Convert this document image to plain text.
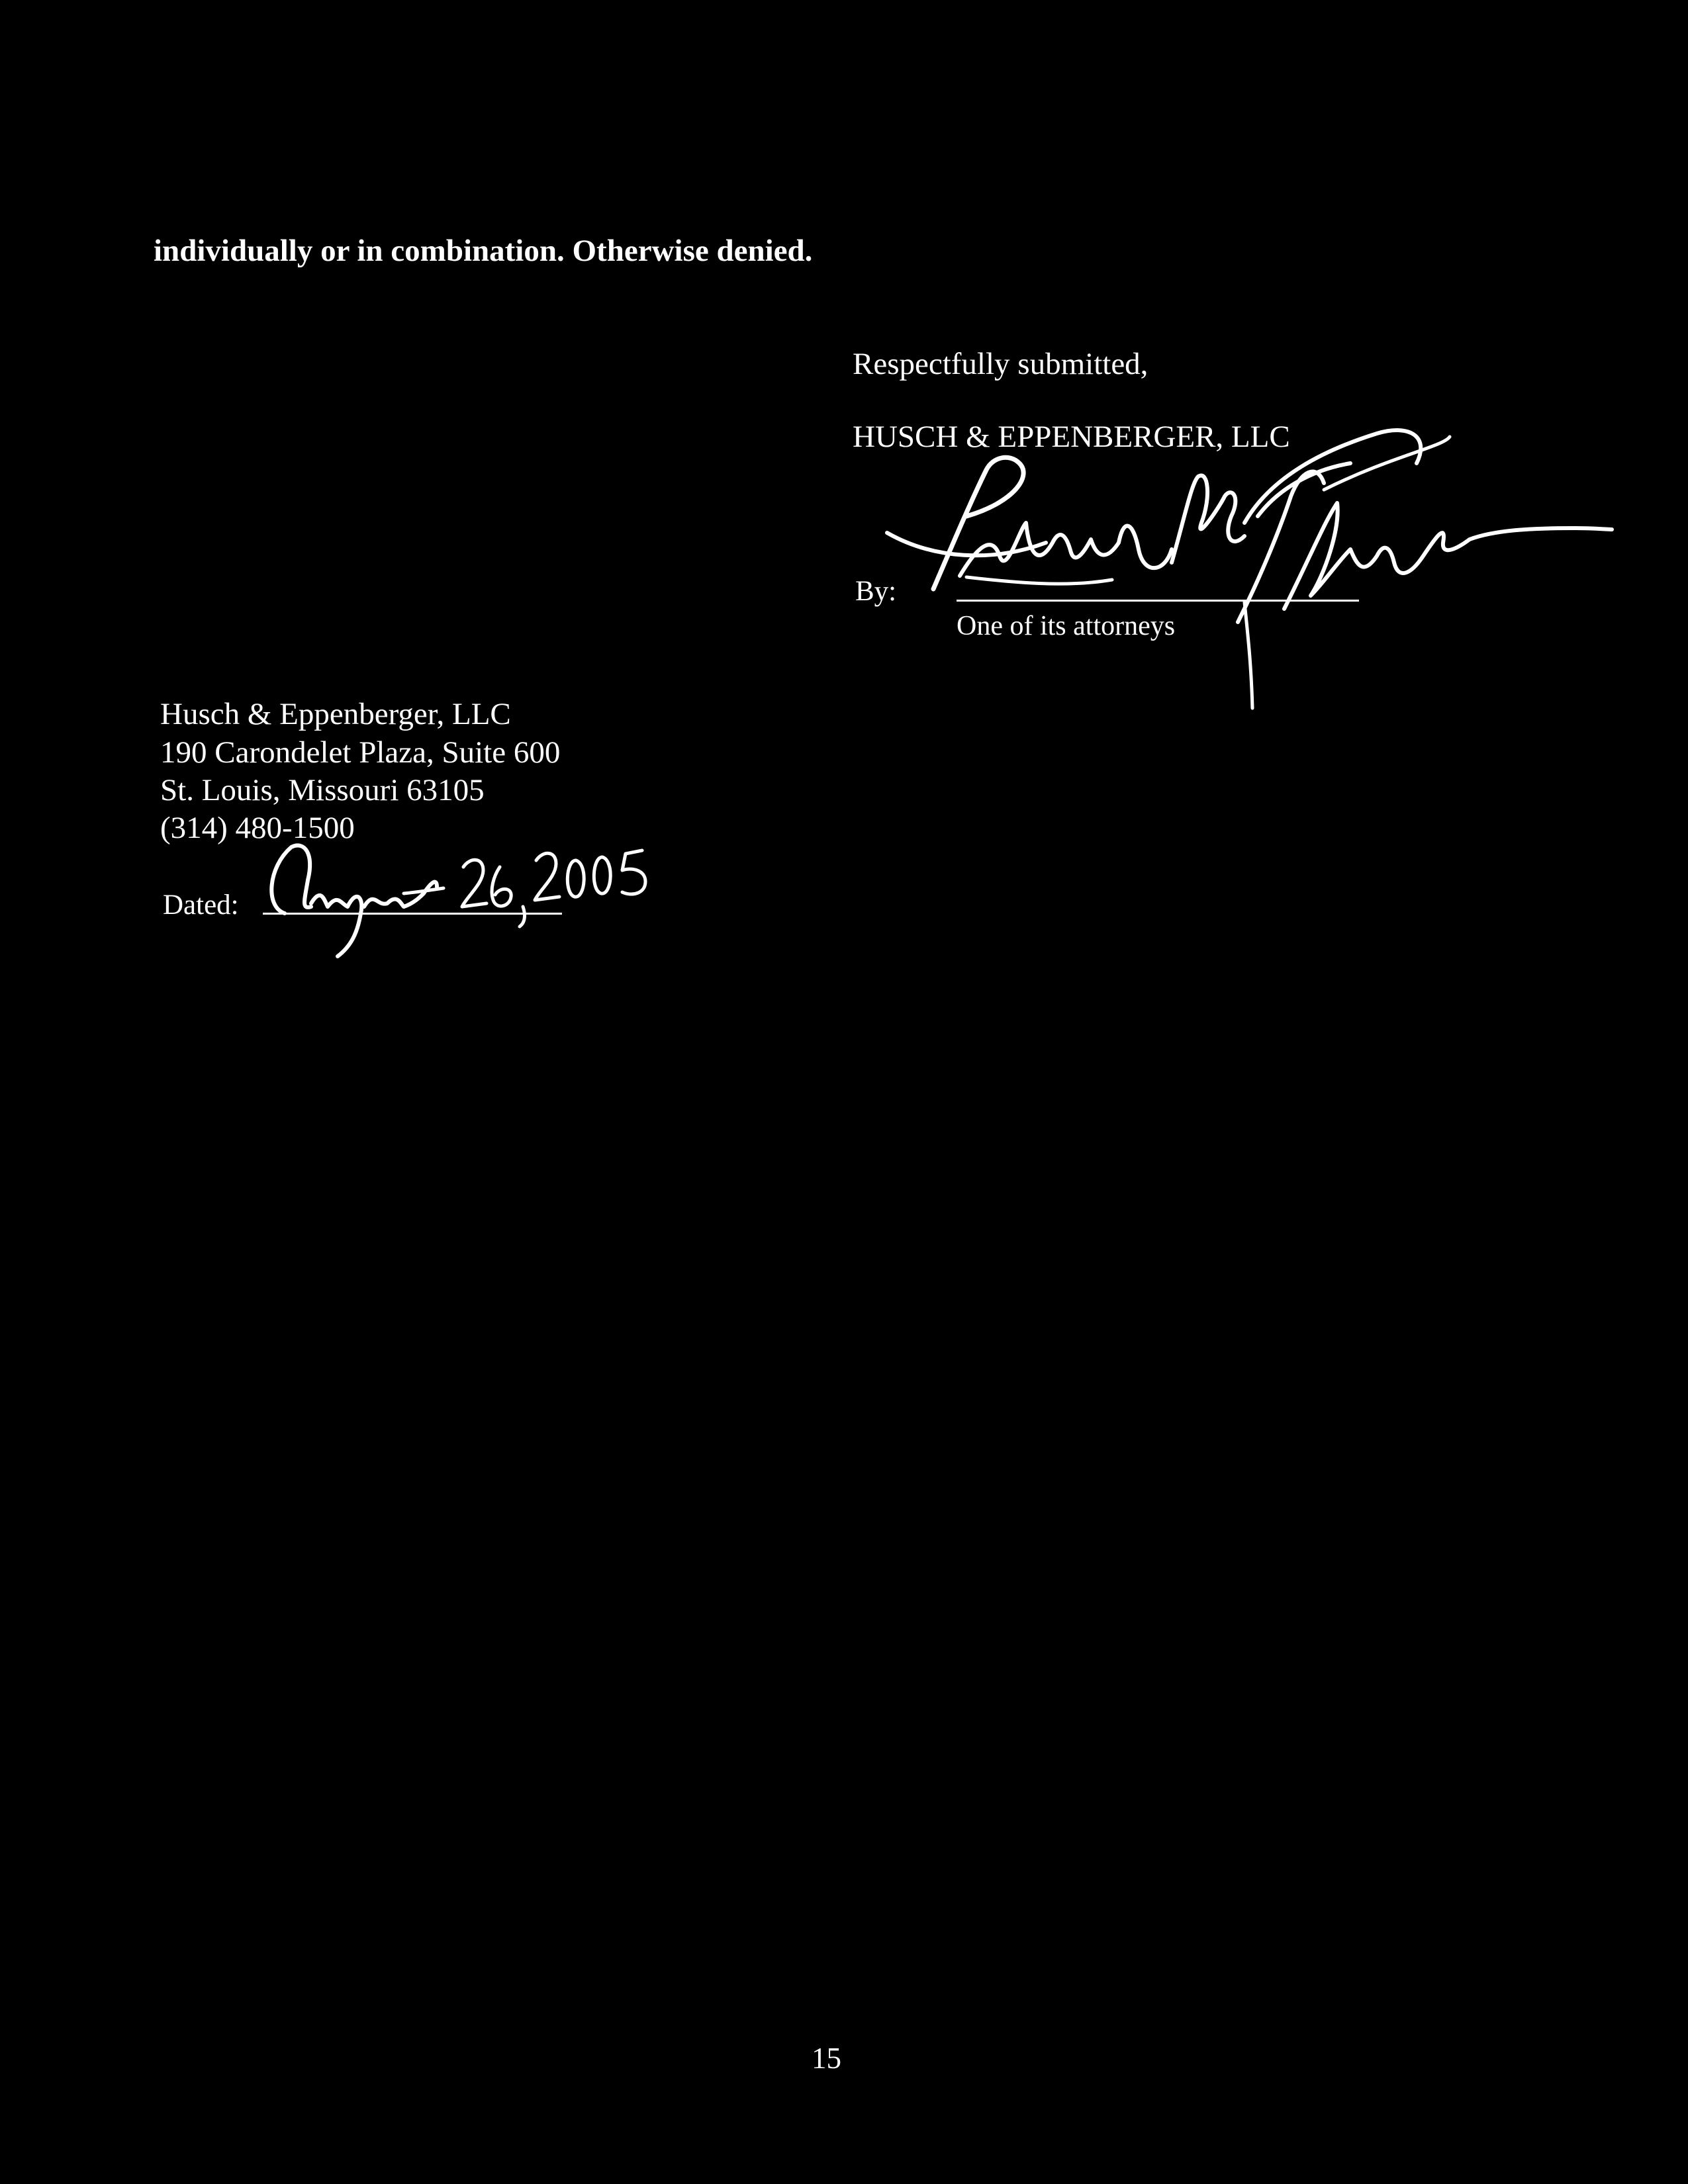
individually or in combination. Otherwise denied.
Respectfully submitted,
HUSCH & EPPENBERGER, LLC
By:
One of its attorneys
Husch & Eppenberger, LLC
190 Carondelet Plaza, Suite 600
St. Louis, Missouri 63105
(314) 480-1500
Dated:
15
